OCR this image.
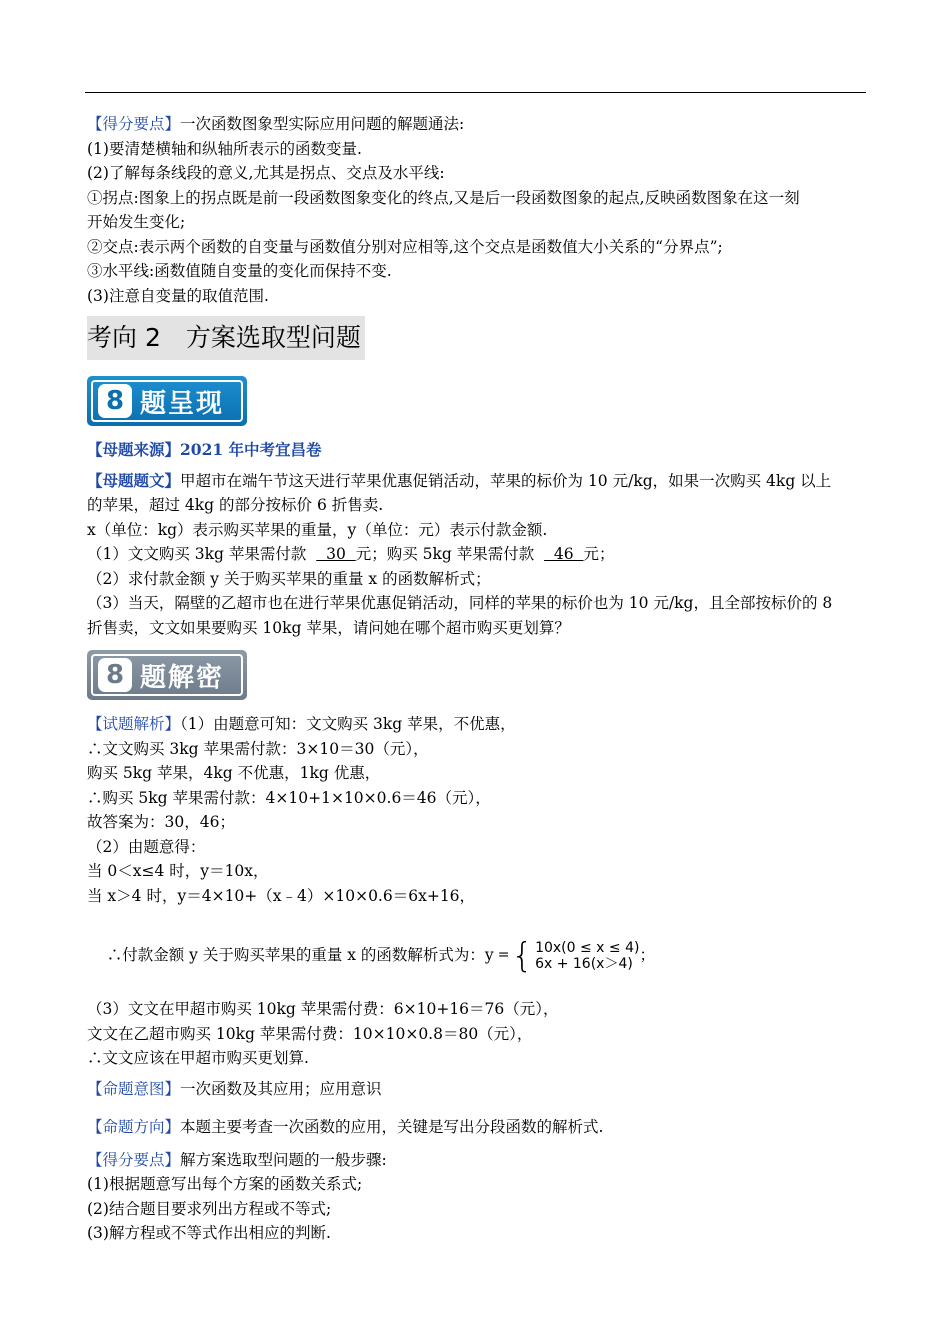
【得分要点】一次函数图象型实际应用问题的解题通法:
(1)要清楚横轴和纵轴所表示的函数变量.
(2)了解每条线段的意义,尤其是拐点、交点及水平线:
①拐点:图象上的拐点既是前一段函数图象变化的终点,又是后一段函数图象的起点,反映函数图象在这一刻
开始发生变化;
②交点:表示两个函数的自变量与函数值分别对应相等,这个交点是函数值大小关系的“分界点”;
③水平线:函数值随自变量的变化而保持不变.
(3)注意自变量的取值范围.
考向 2　方案选取型问题
8 题呈现
【母题来源】2021 年中考宜昌卷
【母题题文】甲超市在端午节这天进行苹果优惠促销活动，苹果的标价为 10 元/kg，如果一次购买 4kg 以上
的苹果，超过 4kg 的部分按标价 6 折售卖.
x（单位：kg）表示购买苹果的重量，y（单位：元）表示付款金额.
（1）文文购买 3kg 苹果需付款    30  元；购买 5kg 苹果需付款    46  元；
（2）求付款金额 y 关于购买苹果的重量 x 的函数解析式；
（3）当天，隔壁的乙超市也在进行苹果优惠促销活动，同样的苹果的标价也为 10 元/kg，且全部按标价的 8
折售卖，文文如果要购买 10kg 苹果，请问她在哪个超市购买更划算？
8 题解密
【试题解析】（1）由题意可知：文文购买 3kg 苹果，不优惠，
∴文文购买 3kg 苹果需付款：3×10＝30（元），
购买 5kg 苹果，4kg 不优惠，1kg 优惠，
∴购买 5kg 苹果需付款：4×10+1×10×0.6＝46（元），
故答案为：30，46；
（2）由题意得：
当 0＜x≤4 时，y＝10x，
当 x＞4 时，y＝4×10+（x﹣4）×10×0.6＝6x+16，

∴付款金额 y 关于购买苹果的重量 x 的函数解析式为：y = { 10x(0 ≤ x ≤ 4)
6x + 16(x＞4) ；

（3）文文在甲超市购买 10kg 苹果需付费：6×10+16＝76（元），
文文在乙超市购买 10kg 苹果需付费：10×10×0.8＝80（元），
∴文文应该在甲超市购买更划算.
【命题意图】一次函数及其应用；应用意识
【命题方向】本题主要考查一次函数的应用，关键是写出分段函数的解析式.
【得分要点】解方案选取型问题的一般步骤:
(1)根据题意写出每个方案的函数关系式;
(2)结合题目要求列出方程或不等式;
(3)解方程或不等式作出相应的判断.
